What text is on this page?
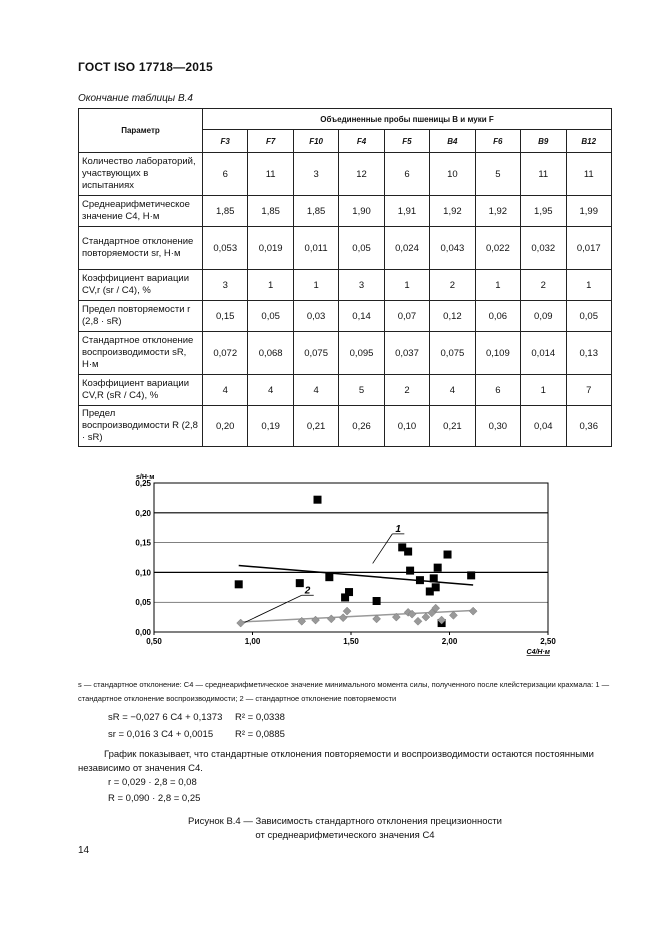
ГОСТ ISO 17718—2015
Окончание таблицы В.4
Параметр	Объединенные пробы пшеницы B и муки F								
	F3	F7	F10	F4	F5	B4	F6	B9	B12
Количество лабораторий, участвующих в испытаниях	6	11	3	12	6	10	5	11	11
Среднеарифметическое значение C4, Н·м	1,85	1,85	1,85	1,90	1,91	1,92	1,92	1,95	1,99
Стандартное отклонение повторяемости sr, Н·м	0,053	0,019	0,011	0,05	0,024	0,043	0,022	0,032	0,017
Коэффициент вариации CV,r (sr / C4), %	3	1	1	3	1	2	1	2	1
Предел повторяемости r (2,8 · sR)	0,15	0,05	0,03	0,14	0,07	0,12	0,06	0,09	0,05
Стандартное отклонение воспроизводимости sR, Н·м	0,072	0,068	0,075	0,095	0,037	0,075	0,109	0,014	0,13
Коэффициент вариации CV,R (sR / C4), %	4	4	4	5	2	4	6	1	7
Предел воспроизводимости R (2,8 · sR)	0,20	0,19	0,21	0,26	0,10	0,21	0,30	0,04	0,36
0,00
0,05
0,10
0,15
0,20
0,25
0,50	1,00	1,50	2,00	2,50
s/Н·м
C4/Н·м
1
2
s — стандартное отклонение: C4 — среднеарифметическое значение минимального момента силы, полученного после клейстеризации крахмала: 1 — стандартное отклонение воспроизводимости; 2 — стандартное отклонение повторяемости
sR = −0,027 6 C4 + 0,1373 R² = 0,0338
sr = 0,016 3 C4 + 0,0015 R² = 0,0885
График показывает, что стандартные отклонения повторяемости и воспроизводимости остаются постоянными независимо от значения C4.
r = 0,029 · 2,8 = 0,08
R = 0,090 · 2,8 = 0,25
Рисунок В.4 — Зависимость стандартного отклонения прецизионности
от среднеарифметического значения C4
14
